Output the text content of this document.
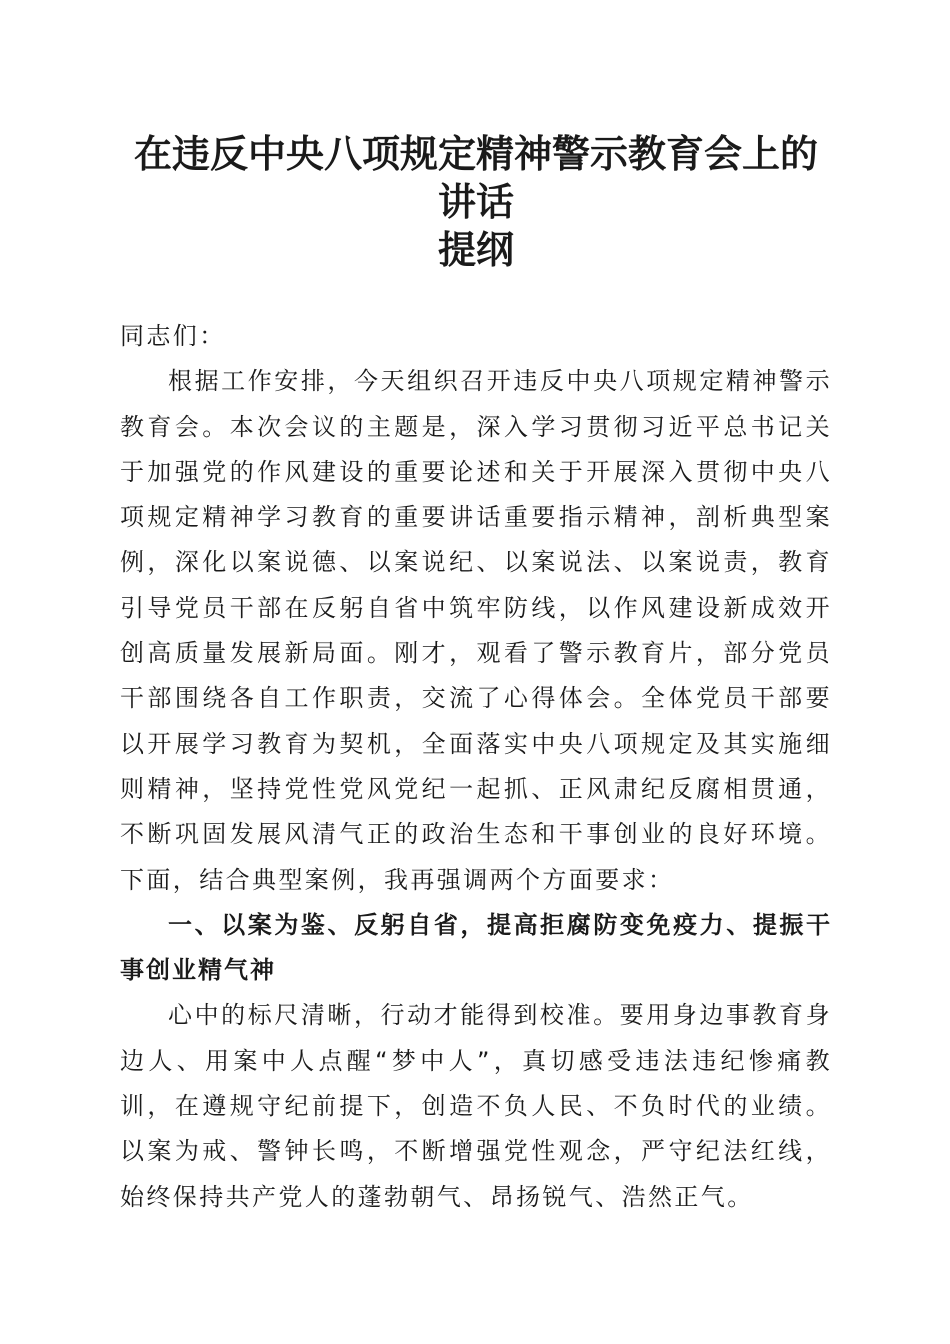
在违反中央八项规定精神警示教育会上的讲话
提纲

同志们：

根据工作安排，今天组织召开违反中央八项规定精神警示教育会。本次会议的主题是，深入学习贯彻习近平总书记关于加强党的作风建设的重要论述和关于开展深入贯彻中央八项规定精神学习教育的重要讲话重要指示精神，剖析典型案例，深化以案说德、以案说纪、以案说法、以案说责，教育引导党员干部在反躬自省中筑牢防线，以作风建设新成效开创高质量发展新局面。刚才，观看了警示教育片，部分党员干部围绕各自工作职责，交流了心得体会。全体党员干部要以开展学习教育为契机，全面落实中央八项规定及其实施细则精神，坚持党性党风党纪一起抓、正风肃纪反腐相贯通，不断巩固发展风清气正的政治生态和干事创业的良好环境。下面，结合典型案例，我再强调两个方面要求：

一、以案为鉴、反躬自省，提高拒腐防变免疫力、提振干事创业精气神

心中的标尺清晰，行动才能得到校准。要用身边事教育身边人、用案中人点醒“梦中人”，真切感受违法违纪惨痛教训，在遵规守纪前提下，创造不负人民、不负时代的业绩。以案为戒、警钟长鸣，不断增强党性观念，严守纪法红线，始终保持共产党人的蓬勃朝气、昂扬锐气、浩然正气。
